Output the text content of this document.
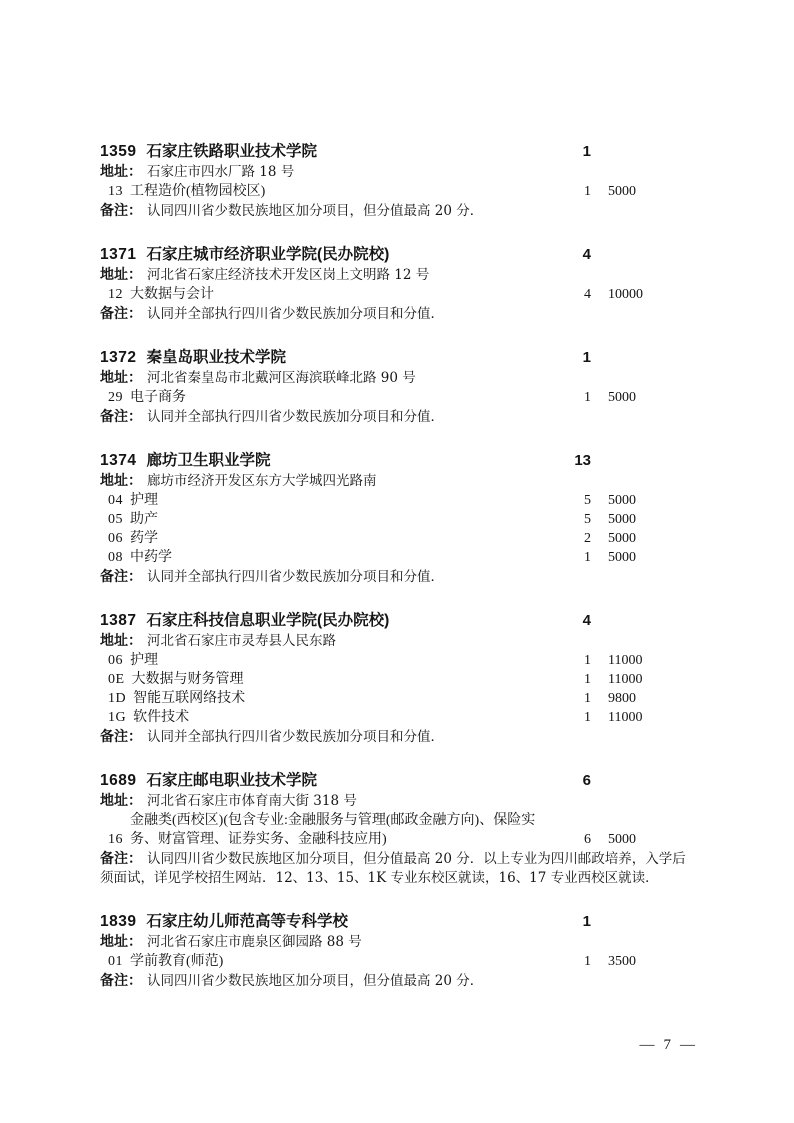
1359 石家庄铁路职业技术学院	1
地址： 石家庄市四水厂路 18 号
13 工程造价(植物园校区)	1 5000
备注： 认同四川省少数民族地区加分项目，但分值最高 20 分．
1371 石家庄城市经济职业学院(民办院校)	4
地址： 河北省石家庄经济技术开发区岗上文明路 12 号
12 大数据与会计	4 10000
备注： 认同并全部执行四川省少数民族加分项目和分值．
1372 秦皇岛职业技术学院	1
地址： 河北省秦皇岛市北戴河区海滨联峰北路 90 号
29 电子商务	1 5000
备注： 认同并全部执行四川省少数民族加分项目和分值．
1374 廊坊卫生职业学院	13
地址： 廊坊市经济开发区东方大学城四光路南
04 护理	5 5000
05 助产	5 5000
06 药学	2 5000
08 中药学	1 5000
备注： 认同并全部执行四川省少数民族加分项目和分值．
1387 石家庄科技信息职业学院(民办院校)	4
地址： 河北省石家庄市灵寿县人民东路
06 护理	1 11000
0E 大数据与财务管理	1 11000
1D 智能互联网络技术	1 9800
1G 软件技术	1 11000
备注： 认同并全部执行四川省少数民族加分项目和分值．
1689 石家庄邮电职业技术学院	6
地址： 河北省石家庄市体育南大街 318 号
16
金融类(西校区)(包含专业:金融服务与管理(邮政金融方向)、保险实务、财富管理、证券实务、金融科技应用)	6 5000
备注： 认同四川省少数民族地区加分项目，但分值最高 20 分．以上专业为四川邮政培养，入学后须面试，详见学校招生网站．12、13、15、1K 专业东校区就读，16、17 专业西校区就读．
1839 石家庄幼儿师范高等专科学校	1
地址： 河北省石家庄市鹿泉区御园路 88 号
01 学前教育(师范)	1 3500
备注： 认同四川省少数民族地区加分项目，但分值最高 20 分．
— 7 —
